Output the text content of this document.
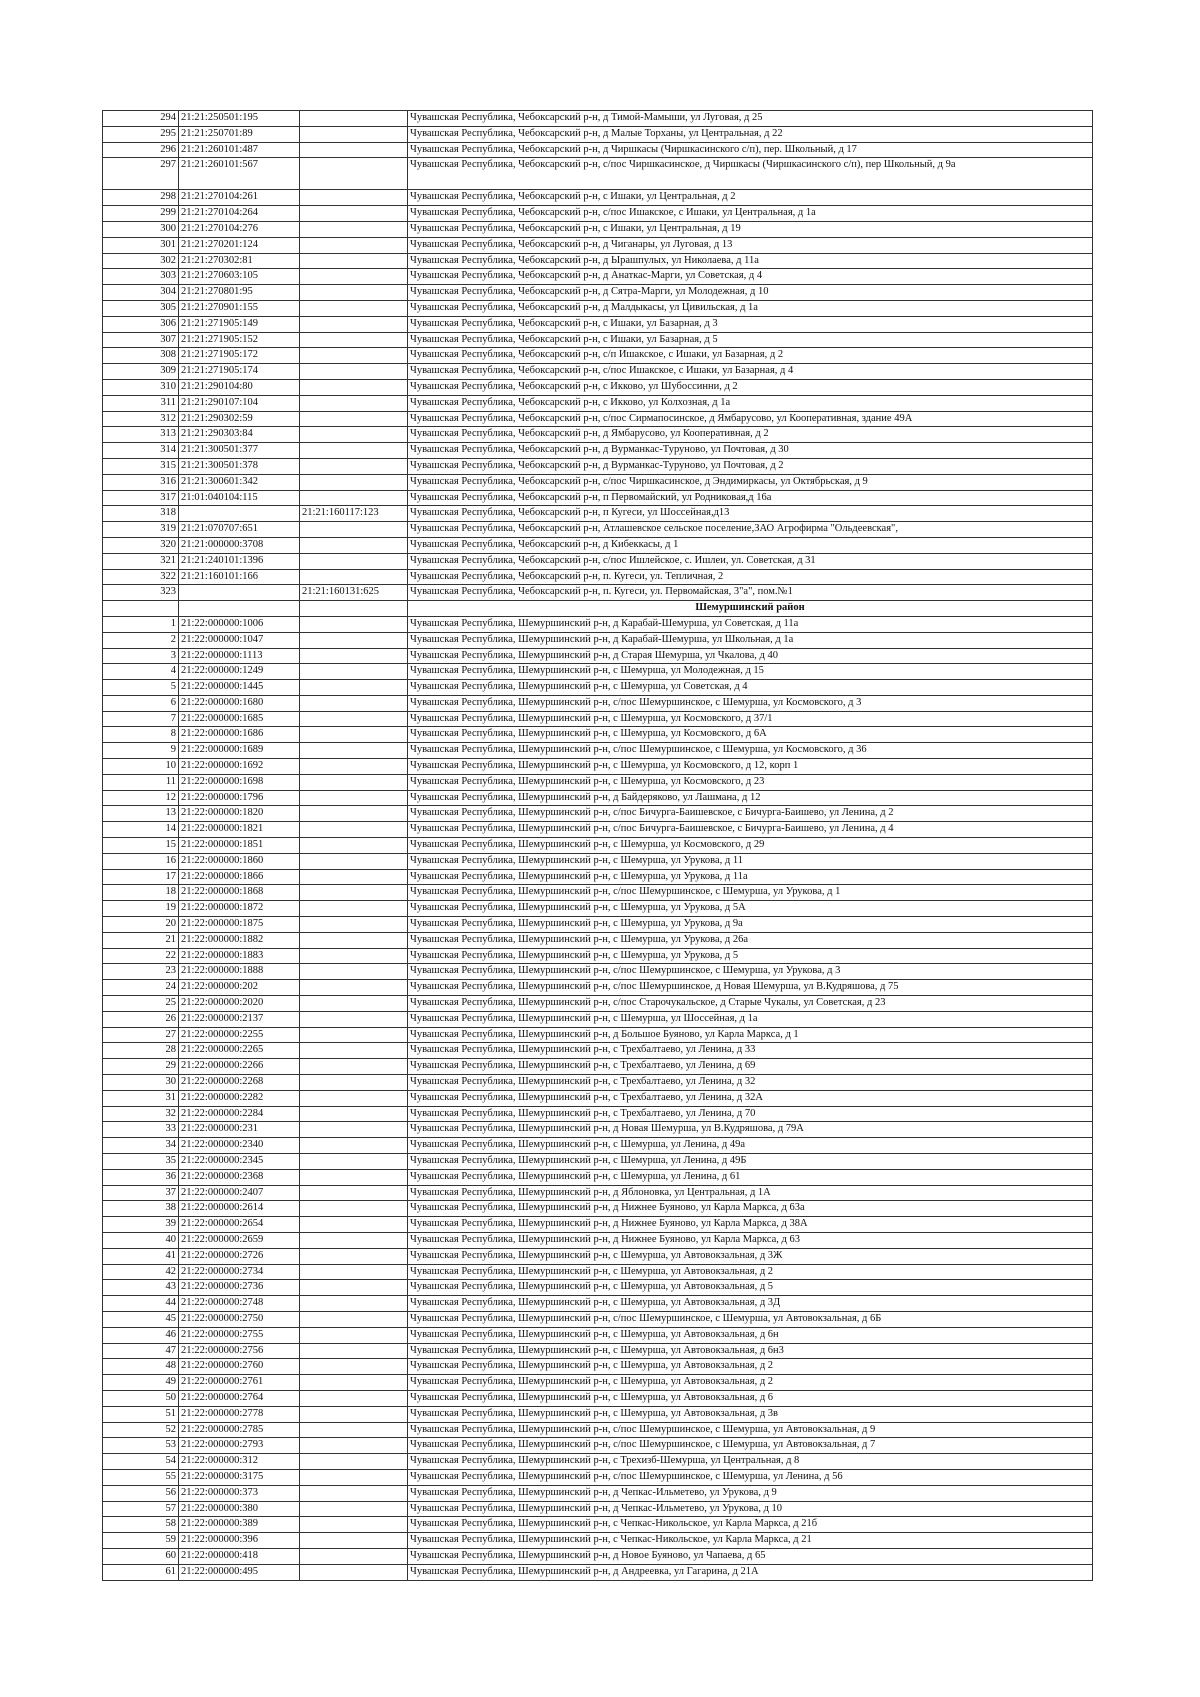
294	21:21:250501:195		Чувашская Республика, Чебоксарский р-н, д Тимой-Мамыши, ул Луговая, д 25
295	21:21:250701:89		Чувашская Республика, Чебоксарский р-н, д Малые Торханы, ул Центральная, д 22
296	21:21:260101:487		Чувашская Республика, Чебоксарский р-н, д Чиршкасы (Чиршкасинского с/п), пер. Школьный, д 17
297	21:21:260101:567		Чувашская Республика, Чебоксарский р-н, с/пос Чиршкасинское, д Чиршкасы (Чиршкасинского с/п), пер Школьный, д 9а
298	21:21:270104:261		Чувашская Республика, Чебоксарский р-н, с Ишаки, ул Центральная, д 2
299	21:21:270104:264		Чувашская Республика, Чебоксарский р-н, с/пос Ишакское, с Ишаки, ул Центральная, д 1а
300	21:21:270104:276		Чувашская Республика, Чебоксарский р-н, с Ишаки, ул Центральная, д 19
301	21:21:270201:124		Чувашская Республика, Чебоксарский р-н, д Чиганары, ул Луговая, д 13
302	21:21:270302:81		Чувашская Республика, Чебоксарский р-н, д Ырашпулых, ул Николаева, д 11а
303	21:21:270603:105		Чувашская Республика, Чебоксарский р-н, д Анаткас-Марги, ул Советская, д 4
304	21:21:270801:95		Чувашская Республика, Чебоксарский р-н, д Сятра-Марги, ул Молодежная, д 10
305	21:21:270901:155		Чувашская Республика, Чебоксарский р-н, д Малдыкасы, ул Цивильская, д 1а
306	21:21:271905:149		Чувашская Республика, Чебоксарский р-н, с Ишаки, ул Базарная, д 3
307	21:21:271905:152		Чувашская Республика, Чебоксарский р-н, с Ишаки, ул Базарная, д 5
308	21:21:271905:172		Чувашская Республика, Чебоксарский р-н, с/п Ишакское, с Ишаки, ул Базарная, д 2
309	21:21:271905:174		Чувашская Республика, Чебоксарский р-н, с/пос Ишакское, с Ишаки, ул Базарная, д 4
310	21:21:290104:80		Чувашская Республика, Чебоксарский р-н, с Икково, ул Шубоссинни, д 2
311	21:21:290107:104		Чувашская Республика, Чебоксарский р-н, с Икково, ул Колхозная, д 1а
312	21:21:290302:59		Чувашская Республика, Чебоксарский р-н, с/пос Сирмапосинское, д Ямбарусово, ул Кооперативная, здание 49А
313	21:21:290303:84		Чувашская Республика, Чебоксарский р-н, д Ямбарусово, ул Кооперативная, д 2
314	21:21:300501:377		Чувашская Республика, Чебоксарский р-н, д Вурманкас-Туруново, ул Почтовая, д 30
315	21:21:300501:378		Чувашская Республика, Чебоксарский р-н, д Вурманкас-Туруново, ул Почтовая, д 2
316	21:21:300601:342		Чувашская Республика, Чебоксарский р-н, с/пос Чиршкасинское, д Эндимиркасы, ул Октябрьская, д 9
317	21:01:040104:115		Чувашская Республика, Чебоксарский р-н, п Первомайский, ул Родниковая,д 16а
318		21:21:160117:123	Чувашская Республика, Чебоксарский р-н, п Кугеси, ул Шоссейная,д13
319	21:21:070707:651		Чувашская Республика, Чебоксарский р-н, Атлашевское сельское поселение,ЗАО Агрофирма "Ольдеевская",
320	21:21:000000:3708		Чувашская Республика, Чебоксарский р-н, д Кибеккасы, д 1
321	21:21:240101:1396		Чувашская Республика, Чебоксарский р-н, с/пос Ишлейское, с. Ишлеи, ул. Советская, д 31
322	21:21:160101:166		Чувашская Республика, Чебоксарский р-н, п. Кугеси, ул. Тепличная, 2
323		21:21:160131:625	Чувашская Республика, Чебоксарский р-н, п. Кугеси, ул. Первомайская, 3"а", пом.№1
			Шемуршинский район
1	21:22:000000:1006		Чувашская Республика, Шемуршинский р-н, д Карабай-Шемурша, ул Советская, д 11а
2	21:22:000000:1047		Чувашская Республика, Шемуршинский р-н, д Карабай-Шемурша, ул Школьная, д 1а
3	21:22:000000:1113		Чувашская Республика, Шемуршинский р-н, д Старая Шемурша, ул Чкалова, д 40
4	21:22:000000:1249		Чувашская Республика, Шемуршинский р-н, с Шемурша, ул Молодежная, д 15
5	21:22:000000:1445		Чувашская Республика, Шемуршинский р-н, с Шемурша, ул Советская, д 4
6	21:22:000000:1680		Чувашская Республика, Шемуршинский р-н, с/пос Шемуршинское, с Шемурша, ул Космовского, д 3
7	21:22:000000:1685		Чувашская Республика, Шемуршинский р-н, с Шемурша, ул Космовского, д 37/1
8	21:22:000000:1686		Чувашская Республика, Шемуршинский р-н, с Шемурша, ул Космовского, д 6А
9	21:22:000000:1689		Чувашская Республика, Шемуршинский р-н, с/пос Шемуршинское, с Шемурша, ул Космовского, д 36
10	21:22:000000:1692		Чувашская Республика, Шемуршинский р-н, с Шемурша, ул Космовского, д 12, корп 1
11	21:22:000000:1698		Чувашская Республика, Шемуршинский р-н, с Шемурша, ул Космовского, д 23
12	21:22:000000:1796		Чувашская Республика, Шемуршинский р-н, д Байдеряково, ул Лашмана, д 12
13	21:22:000000:1820		Чувашская Республика, Шемуршинский р-н, с/пос Бичурга-Баишевское, с Бичурга-Баишево, ул Ленина, д 2
14	21:22:000000:1821		Чувашская Республика, Шемуршинский р-н, с/пос Бичурга-Баишевское, с Бичурга-Баишево, ул Ленина, д 4
15	21:22:000000:1851		Чувашская Республика, Шемуршинский р-н, с Шемурша, ул Космовского, д 29
16	21:22:000000:1860		Чувашская Республика, Шемуршинский р-н, с Шемурша, ул Урукова, д 11
17	21:22:000000:1866		Чувашская Республика, Шемуршинский р-н, с Шемурша, ул Урукова, д 11а
18	21:22:000000:1868		Чувашская Республика, Шемуршинский р-н, с/пос Шемуршинское, с Шемурша, ул Урукова, д 1
19	21:22:000000:1872		Чувашская Республика, Шемуршинский р-н, с Шемурша, ул Урукова, д 5А
20	21:22:000000:1875		Чувашская Республика, Шемуршинский р-н, с Шемурша, ул Урукова, д 9а
21	21:22:000000:1882		Чувашская Республика, Шемуршинский р-н, с Шемурша, ул Урукова, д 26а
22	21:22:000000:1883		Чувашская Республика, Шемуршинский р-н, с Шемурша, ул Урукова, д 5
23	21:22:000000:1888		Чувашская Республика, Шемуршинский р-н, с/пос Шемуршинское, с Шемурша, ул Урукова, д 3
24	21:22:000000:202		Чувашская Республика, Шемуршинский р-н, с/пос Шемуршинское, д Новая Шемурша, ул В.Кудряшова, д 75
25	21:22:000000:2020		Чувашская Республика, Шемуршинский р-н, с/пос Старочукальское, д Старые Чукалы, ул Советская, д 23
26	21:22:000000:2137		Чувашская Республика, Шемуршинский р-н, с Шемурша, ул Шоссейная, д 1а
27	21:22:000000:2255		Чувашская Республика, Шемуршинский р-н, д Большое Буяново, ул Карла Маркса, д 1
28	21:22:000000:2265		Чувашская Республика, Шемуршинский р-н, с Трехбалтаево, ул Ленина, д 33
29	21:22:000000:2266		Чувашская Республика, Шемуршинский р-н, с Трехбалтаево, ул Ленина, д 69
30	21:22:000000:2268		Чувашская Республика, Шемуршинский р-н, с Трехбалтаево, ул Ленина, д 32
31	21:22:000000:2282		Чувашская Республика, Шемуршинский р-н, с Трехбалтаево, ул Ленина, д 32А
32	21:22:000000:2284		Чувашская Республика, Шемуршинский р-н, с Трехбалтаево, ул Ленина, д 70
33	21:22:000000:231		Чувашская Республика, Шемуршинский р-н, д Новая Шемурша, ул В.Кудряшова, д 79А
34	21:22:000000:2340		Чувашская Республика, Шемуршинский р-н, с Шемурша, ул Ленина, д 49а
35	21:22:000000:2345		Чувашская Республика, Шемуршинский р-н, с Шемурша, ул Ленина, д 49Б
36	21:22:000000:2368		Чувашская Республика, Шемуршинский р-н, с Шемурша, ул Ленина, д 61
37	21:22:000000:2407		Чувашская Республика, Шемуршинский р-н, д Яблоновка, ул Центральная, д 1А
38	21:22:000000:2614		Чувашская Республика, Шемуршинский р-н, д Нижнее Буяново, ул Карла Маркса, д 63а
39	21:22:000000:2654		Чувашская Республика, Шемуршинский р-н, д Нижнее Буяново, ул Карла Маркса, д 38А
40	21:22:000000:2659		Чувашская Республика, Шемуршинский р-н, д Нижнее Буяново, ул Карла Маркса, д 63
41	21:22:000000:2726		Чувашская Республика, Шемуршинский р-н, с Шемурша, ул Автовокзальная, д 3Ж
42	21:22:000000:2734		Чувашская Республика, Шемуршинский р-н, с Шемурша, ул Автовокзальная, д 2
43	21:22:000000:2736		Чувашская Республика, Шемуршинский р-н, с Шемурша, ул Автовокзальная, д 5
44	21:22:000000:2748		Чувашская Республика, Шемуршинский р-н, с Шемурша, ул Автовокзальная, д 3Д
45	21:22:000000:2750		Чувашская Республика, Шемуршинский р-н, с/пос Шемуршинское, с Шемурша, ул Автовокзальная, д 6Б
46	21:22:000000:2755		Чувашская Республика, Шемуршинский р-н, с Шемурша, ул Автовокзальная, д 6н
47	21:22:000000:2756		Чувашская Республика, Шемуршинский р-н, с Шемурша, ул Автовокзальная, д 6н3
48	21:22:000000:2760		Чувашская Республика, Шемуршинский р-н, с Шемурша, ул Автовокзальная, д 2
49	21:22:000000:2761		Чувашская Республика, Шемуршинский р-н, с Шемурша, ул Автовокзальная, д 2
50	21:22:000000:2764		Чувашская Республика, Шемуршинский р-н, с Шемурша, ул Автовокзальная, д 6
51	21:22:000000:2778		Чувашская Республика, Шемуршинский р-н, с Шемурша, ул Автовокзальная, д 3в
52	21:22:000000:2785		Чувашская Республика, Шемуршинский р-н, с/пос Шемуршинское, с Шемурша, ул Автовокзальная, д 9
53	21:22:000000:2793		Чувашская Республика, Шемуршинский р-н, с/пос Шемуршинское, с Шемурша, ул Автовокзальная, д 7
54	21:22:000000:312		Чувашская Республика, Шемуршинский р-н, с Трехизб-Шемурша, ул Центральная, д 8
55	21:22:000000:3175		Чувашская Республика, Шемуршинский р-н, с/пос Шемуршинское, с Шемурша, ул Ленина, д 56
56	21:22:000000:373		Чувашская Республика, Шемуршинский р-н, д Чепкас-Ильметево, ул Урукова, д 9
57	21:22:000000:380		Чувашская Республика, Шемуршинский р-н, д Чепкас-Ильметево, ул Урукова, д 10
58	21:22:000000:389		Чувашская Республика, Шемуршинский р-н, с Чепкас-Никольское, ул Карла Маркса, д 21б
59	21:22:000000:396		Чувашская Республика, Шемуршинский р-н, с Чепкас-Никольское, ул Карла Маркса, д 21
60	21:22:000000:418		Чувашская Республика, Шемуршинский р-н, д Новое Буяново, ул Чапаева, д 65
61	21:22:000000:495		Чувашская Республика, Шемуршинский р-н, д Андреевка, ул Гагарина, д 21А
